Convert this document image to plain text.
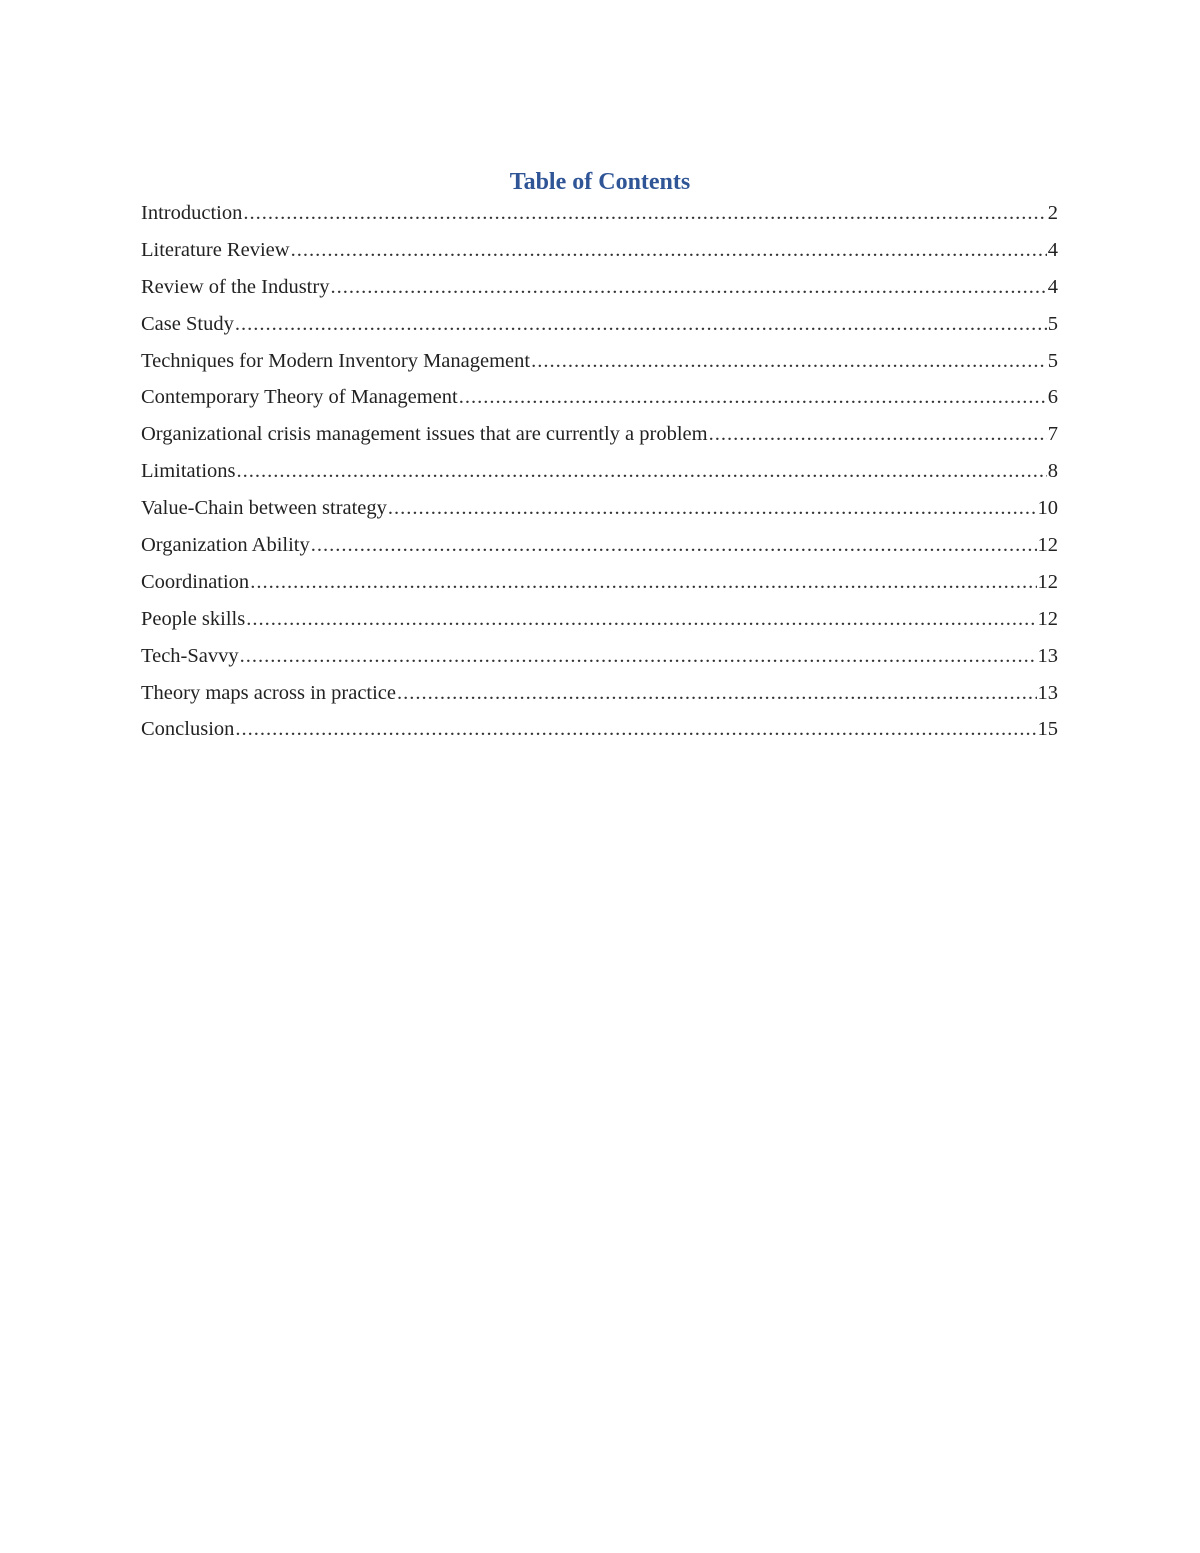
Table of Contents
Introduction .....	2
Literature Review .....	4
Review of the Industry .....	4
Case Study .....	5
Techniques for Modern Inventory Management .....	5
Contemporary Theory of Management .....	6
Organizational crisis management issues that are currently a problem .....	7
Limitations .....	8
Value-Chain between strategy .....	10
Organization Ability .....	12
Coordination .....	12
People skills .....	12
Tech-Savvy .....	13
Theory maps across in practice .....	13
Conclusion .....	15
